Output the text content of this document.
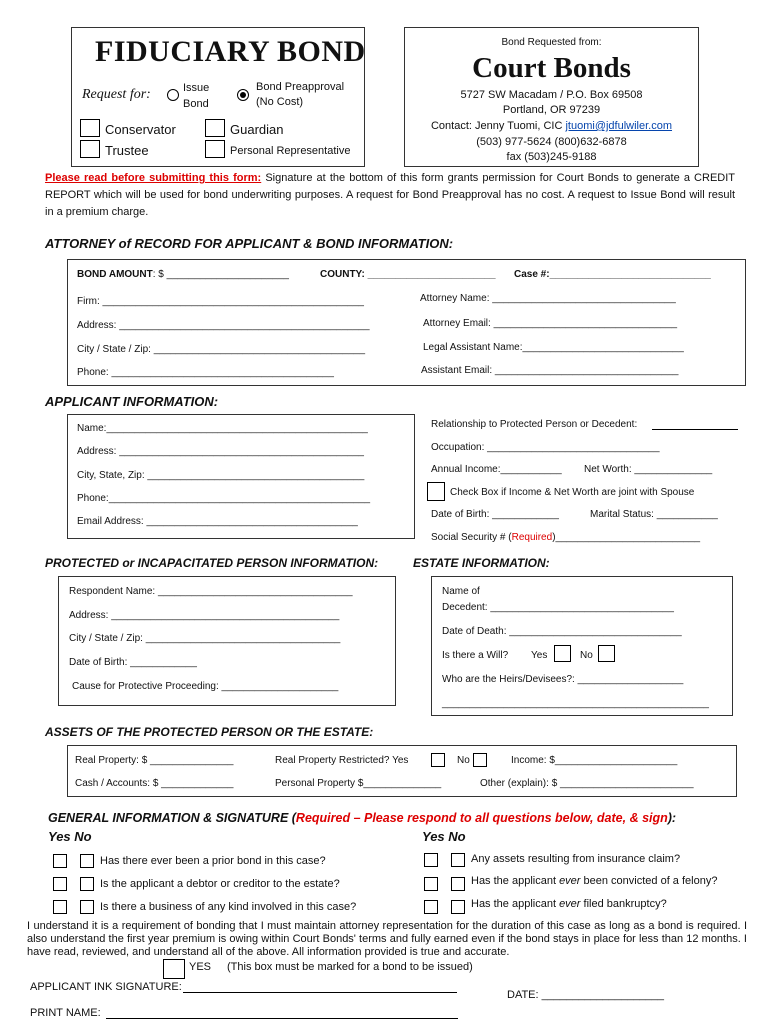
FIDUCIARY BOND
Request for:	Issue
Bond
Bond Preapproval
(No Cost)
Conservator
Trustee
Guardian
Personal Representative
Bond Requested from:
Court Bonds
5727 SW Macadam / P.O. Box 69508
Portland, OR 97239
Contact: Jenny Tuomi, CIC jtuomi@jdfulwiler.com
(503) 977-5624 (800)632-6878
fax (503)245-9188
Please read before submitting this form: Signature at the bottom of this form grants permission for Court Bonds to generate a CREDIT REPORT which will be used for bond underwriting purposes. A request for Bond Preapproval has no cost. A request to Issue Bond will result in a premium charge.
ATTORNEY of RECORD FOR APPLICANT & BOND INFORMATION:
BOND AMOUNT: $ ______________________	COUNTY: _______________________ Case #:_____________________________
Firm: _______________________________________________
Address: _____________________________________________
City / State / Zip: ______________________________________
Phone: ________________________________________
Attorney Name: _________________________________
Attorney Email: _________________________________
Legal Assistant Name:_____________________________
Assistant Email: _________________________________
APPLICANT INFORMATION:
Name:_______________________________________________
Address: ____________________________________________
City, State, Zip: _______________________________________
Phone:_______________________________________________
Email Address: ______________________________________
Relationship to Protected Person or Decedent:
Occupation: _______________________________
Annual Income:___________ Net Worth: ______________
Check Box if Income & Net Worth are joint with Spouse
Date of Birth: ____________	Marital Status: ___________
Social Security # (Required)__________________________
PROTECTED or INCAPACITATED PERSON INFORMATION:	ESTATE INFORMATION:
Respondent Name: ___________________________________
Address: _________________________________________
City / State / Zip: ___________________________________
Date of Birth: ____________
Cause for Protective Proceeding: _____________________
Name of
Decedent: _________________________________
Date of Death: _______________________________
Is there a Will? Yes	No
Who are the Heirs/Devisees?: ___________________
________________________________________________
ASSETS OF THE PROTECTED PERSON OR THE ESTATE:
Real Property: $ _______________	Real Property Restricted? Yes	No	Income: $______________________
Cash / Accounts: $ _____________	Personal Property $______________	Other (explain): $ ________________________
GENERAL INFORMATION & SIGNATURE (Required – Please respond to all questions below, date, & sign):
Yes No	Yes No
Has there ever been a prior bond in this case?
Is the applicant a debtor or creditor to the estate?
Is there a business of any kind involved in this case?
Any assets resulting from insurance claim?
Has the applicant ever been convicted of a felony?
Has the applicant ever filed bankruptcy?
I understand it is a requirement of bonding that I must maintain attorney representation for the duration of this case as long as a bond is required. I also understand the first year premium is owing within Court Bonds' terms and fully earned even if the bond stays in place for less than 12 months. I have read, reviewed, and understand all of the above. All information provided is true and accurate.
YES (This box must be marked for a bond to be issued)
APPLICANT INK SIGNATURE:
DATE: ____________________
PRINT NAME:
